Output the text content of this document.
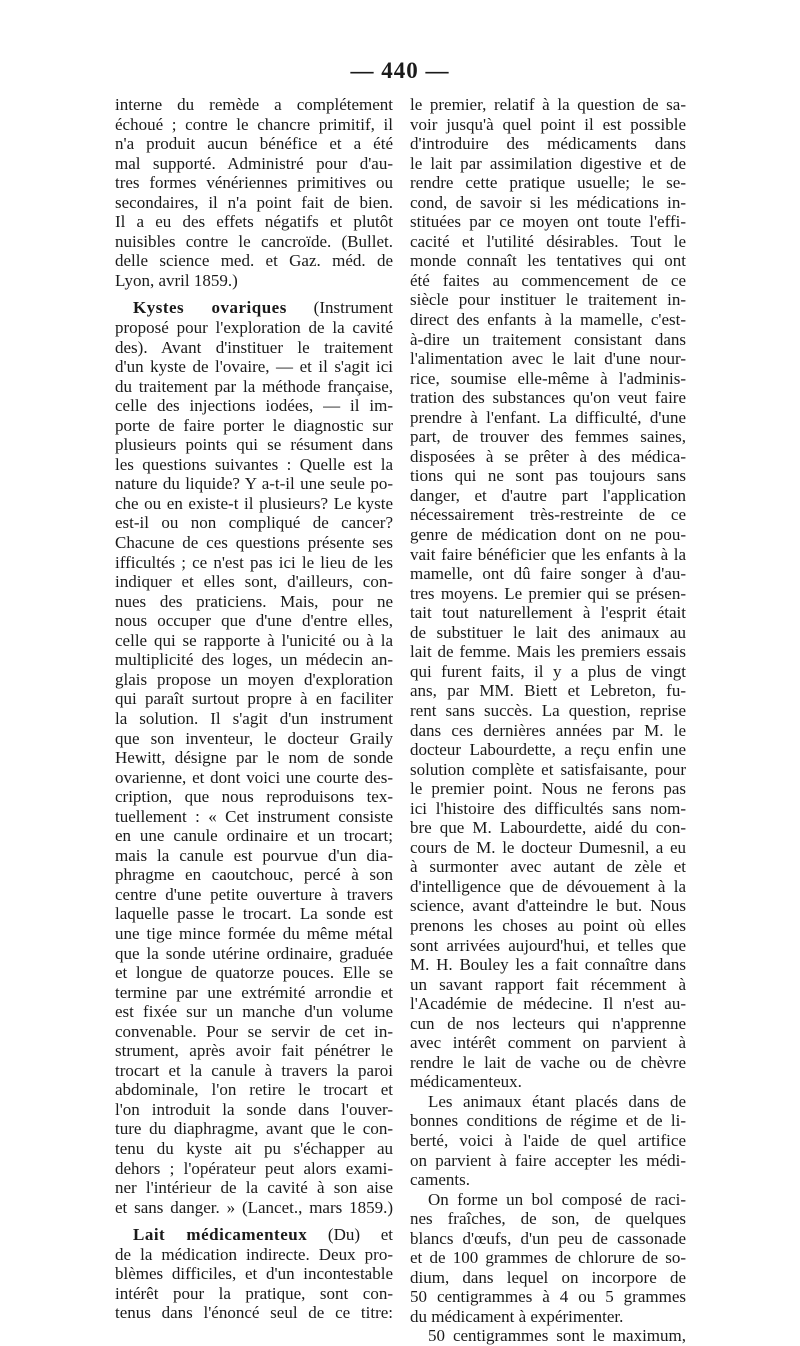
— 440 —
interne du remède a complétement
échoué ; contre le chancre primitif, il
n'a produit aucun bénéfice et a été
mal supporté. Administré pour d'au-
tres formes vénériennes primitives ou
secondaires, il n'a point fait de bien.
Il a eu des effets négatifs et plutôt
nuisibles contre le cancroïde. (Bullet.
delle science med. et Gaz. méd. de
Lyon, avril 1859.)
Kystes ovariques (Instrument
proposé pour l'exploration de la cavité
des). Avant d'instituer le traitement
d'un kyste de l'ovaire, — et il s'agit ici
du traitement par la méthode française,
celle des injections iodées, — il im-
porte de faire porter le diagnostic sur
plusieurs points qui se résument dans
les questions suivantes : Quelle est la
nature du liquide? Y a-t-il une seule po-
che ou en existe-t il plusieurs? Le kyste
est-il ou non compliqué de cancer?
Chacune de ces questions présente ses
ifficultés ; ce n'est pas ici le lieu de les
indiquer et elles sont, d'ailleurs, con-
nues des praticiens. Mais, pour ne
nous occuper que d'une d'entre elles,
celle qui se rapporte à l'unicité ou à la
multiplicité des loges, un médecin an-
glais propose un moyen d'exploration
qui paraît surtout propre à en faciliter
la solution. Il s'agit d'un instrument
que son inventeur, le docteur Graily
Hewitt, désigne par le nom de sonde
ovarienne, et dont voici une courte des-
cription, que nous reproduisons tex-
tuellement : « Cet instrument consiste
en une canule ordinaire et un trocart;
mais la canule est pourvue d'un dia-
phragme en caoutchouc, percé à son
centre d'une petite ouverture à travers
laquelle passe le trocart. La sonde est
une tige mince formée du même métal
que la sonde utérine ordinaire, graduée
et longue de quatorze pouces. Elle se
termine par une extrémité arrondie et
est fixée sur un manche d'un volume
convenable. Pour se servir de cet in-
strument, après avoir fait pénétrer le
trocart et la canule à travers la paroi
abdominale, l'on retire le trocart et
l'on introduit la sonde dans l'ouver-
ture du diaphragme, avant que le con-
tenu du kyste ait pu s'échapper au
dehors ; l'opérateur peut alors exami-
ner l'intérieur de la cavité à son aise
et sans danger. » (Lancet., mars 1859.)
Lait médicamenteux (Du) et
de la médication indirecte. Deux pro-
blèmes difficiles, et d'un incontestable
intérêt pour la pratique, sont con-
tenus dans l'énoncé seul de ce titre:
le premier, relatif à la question de sa-
voir jusqu'à quel point il est possible
d'introduire des médicaments dans
le lait par assimilation digestive et de
rendre cette pratique usuelle; le se-
cond, de savoir si les médications in-
stituées par ce moyen ont toute l'effi-
cacité et l'utilité désirables. Tout le
monde connaît les tentatives qui ont
été faites au commencement de ce
siècle pour instituer le traitement in-
direct des enfants à la mamelle, c'est-
à-dire un traitement consistant dans
l'alimentation avec le lait d'une nour-
rice, soumise elle-même à l'adminis-
tration des substances qu'on veut faire
prendre à l'enfant. La difficulté, d'une
part, de trouver des femmes saines,
disposées à se prêter à des médica-
tions qui ne sont pas toujours sans
danger, et d'autre part l'application
nécessairement très-restreinte de ce
genre de médication dont on ne pou-
vait faire bénéficier que les enfants à la
mamelle, ont dû faire songer à d'au-
tres moyens. Le premier qui se présen-
tait tout naturellement à l'esprit était
de substituer le lait des animaux au
lait de femme. Mais les premiers essais
qui furent faits, il y a plus de vingt
ans, par MM. Biett et Lebreton, fu-
rent sans succès. La question, reprise
dans ces dernières années par M. le
docteur Labourdette, a reçu enfin une
solution complète et satisfaisante, pour
le premier point. Nous ne ferons pas
ici l'histoire des difficultés sans nom-
bre que M. Labourdette, aidé du con-
cours de M. le docteur Dumesnil, a eu
à surmonter avec autant de zèle et
d'intelligence que de dévouement à la
science, avant d'atteindre le but. Nous
prenons les choses au point où elles
sont arrivées aujourd'hui, et telles que
M. H. Bouley les a fait connaître dans
un savant rapport fait récemment à
l'Académie de médecine. Il n'est au-
cun de nos lecteurs qui n'apprenne
avec intérêt comment on parvient à
rendre le lait de vache ou de chèvre
médicamenteux.
Les animaux étant placés dans de
bonnes conditions de régime et de li-
berté, voici à l'aide de quel artifice
on parvient à faire accepter les médi-
caments.
On forme un bol composé de raci-
nes fraîches, de son, de quelques
blancs d'œufs, d'un peu de cassonade
et de 100 grammes de chlorure de so-
dium, dans lequel on incorpore de
50 centigrammes à 4 ou 5 grammes
du médicament à expérimenter.
50 centigrammes sont le maximum,
